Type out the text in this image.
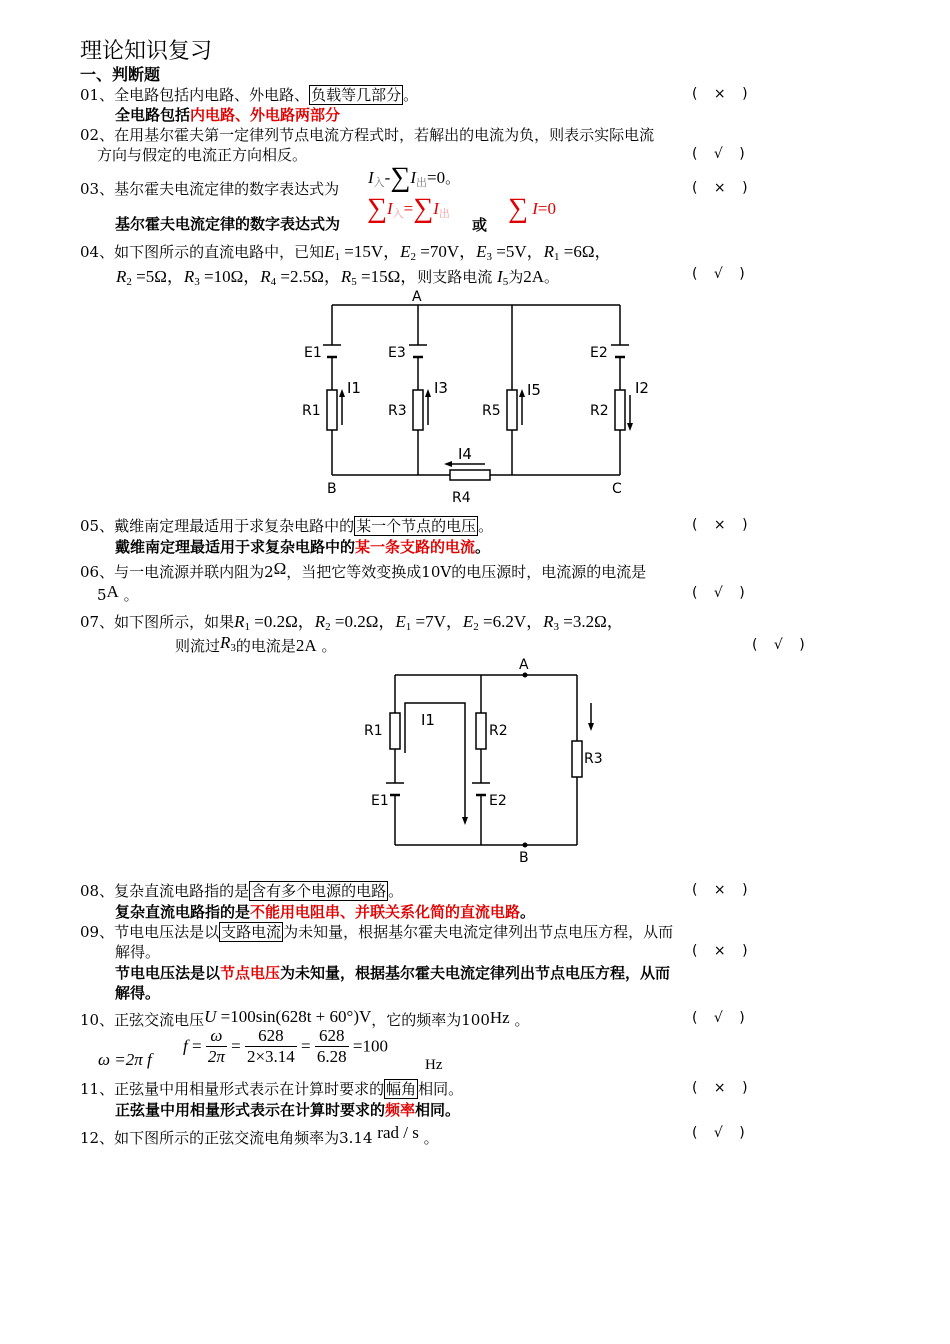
理论知识复习
一、判断题
01、全电路包括内电路、外电路、 负载等几部分 。	( × )
全电路包括内电路、外电路两部分
02、在用基尔霍夫第一定律列节点电流方程式时，若解出的电流为负，则表示实际电流
方向与假定的电流正方向相反。	( √ )
03、基尔霍夫电流定律的数字表达式为
$I_入-\sum I_出=0$。
( × )
基尔霍夫电流定律的数字表达式为 $\sum I_入=\sum I_出$
或
∑ I=0
04、如下图所示的直流电路中，已知$E_1 =15V$，$E_2 =70V$，$E_3 =5V$，$R_1 =6\Omega$，
$R_2 =5\Omega$，$R_3 =10\Omega$，$R_4 =2.5\Omega$，$R_5 =15\Omega$，则支路电流 $I_5$为2A。	( √ )
A
B	C
E1	E3	E2
R1	R3	R5	R2
R4
I1	I3	I5	I2
I4
05、戴维南定理最适用于求复杂电路中的 某一个节点的电压 。	( × )
戴维南定理最适用于求复杂电路中的某一条支路的电流。
06、与一电流源并联内阻为2Ω，当把它等效变换成10V的电压源时，电流源的电流是
5A 。	( √ )
07、如下图所示，如果$R_1 =0.2\Omega$，$R_2 =0.2\Omega$，$E_1 =7V$，$E_2 =6.2V$，$R_3 =3.2\Omega$，
则流过$R_3$的电流是2A 。	( √ )
A
B
R1	R2
R3
E1	E2
I1
08、复杂直流电路指的是 含有多个电源的电路 。	( × )
复杂直流电路指的是不能用电阻串、并联关系化简的直流电路。
09、节电电压法是以 支路电流 为未知量，根据基尔霍夫电流定律列出节点电压方程，从而
解得。	( × )
节电电压法是以节点电压为未知量，根据基尔霍夫电流定律列出节点电压方程，从而
解得。
10、正弦交流电压U =100sin(628t + 60°)V，它的频率为100Hz 。	( √ )
ω =2π f
$f = \frac{\omega}{2\pi} = \frac{628}{2\times 3.14} = \frac{628}{6.28} =100$
Hz
11、正弦量中用相量形式表示在计算时要求的 幅角 相同。	( × )
正弦量中用相量形式表示在计算时要求的频率相同。
12、如下图所示的正弦交流电角频率为3.14 rad / s 。	( √ )
